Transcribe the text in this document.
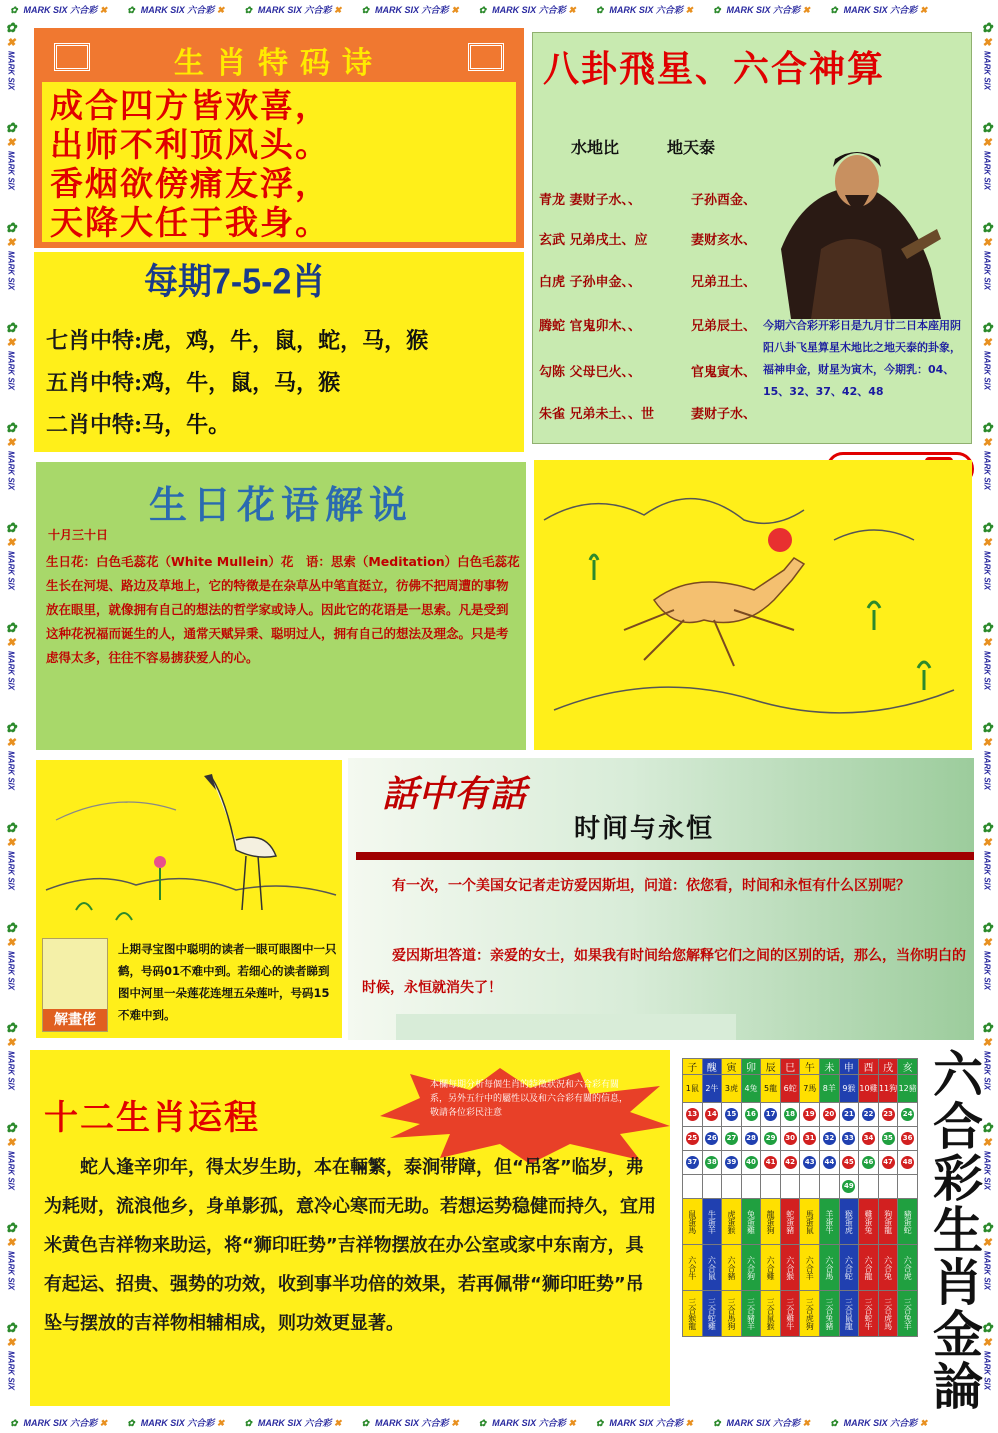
✿ MARK SIX 六合彩 ✖ ✿ MARK SIX 六合彩 ✖ ✿ MARK SIX 六合彩 ✖ ✿ MARK SIX 六合彩 ✖ ✿ MARK SIX 六合彩 ✖ ✿ MARK SIX 六合彩 ✖ ✿ MARK SIX 六合彩 ✖ ✿ MARK SIX 六合彩 ✖
✿ MARK SIX 六合彩 ✖ ✿ MARK SIX 六合彩 ✖ ✿ MARK SIX 六合彩 ✖ ✿ MARK SIX 六合彩 ✖ ✿ MARK SIX 六合彩 ✖ ✿ MARK SIX 六合彩 ✖ ✿ MARK SIX 六合彩 ✖ ✿ MARK SIX 六合彩 ✖
✿
✖
MARK SIX
✿
✖
MARK SIX
✿
✖
MARK SIX
✿
✖
MARK SIX
✿
✖
MARK SIX
✿
✖
MARK SIX
✿
✖
MARK SIX
✿
✖
MARK SIX
✿
✖
MARK SIX
✿
✖
MARK SIX
✿
✖
MARK SIX
✿
✖
MARK SIX
✿
✖
MARK SIX
✿
✖
MARK SIX
✿
✖
MARK SIX
✿
✖
MARK SIX
✿
✖
MARK SIX
✿
✖
MARK SIX
✿
✖
MARK SIX
✿
✖
MARK SIX
✿
✖
MARK SIX
✿
✖
MARK SIX
✿
✖
MARK SIX
✿
✖
MARK SIX
✿
✖
MARK SIX
✿
✖
MARK SIX
✿
✖
MARK SIX
✿
✖
MARK SIX
生肖特码诗
成合四方皆欢喜，
出师不利顶风头。
香烟欲傍痛友浮，
天降大任于我身。
每期7-5-2肖
七肖中特:虎，鸡，牛，鼠，蛇，马，猴
五肖中特:鸡，牛，鼠，马，猴
二肖中特:马，牛。
八卦飛星、六合神算
水地比	地天泰
青龙 妻财子水、、	子孙酉金、
玄武 兄弟戌土、应	妻财亥水、
白虎 子孙申金、、	兄弟丑土、
腾蛇 官鬼卯木、、	兄弟辰土、
勾陈 父母巳火、、	官鬼寅木、
朱雀 兄弟未土、、世	妻财子水、
今期六合彩开彩日是九月廿二日本座用阴阳八卦飞星算星木地比之地天泰的卦象，福神申金，财星为寅木，今期乳：04、15、32、37、42、48
生日花语解说
十月三十日
生日花：白色毛蕊花（White Mullein）花　语：思索（Meditation）白色毛蕊花生长在河堤、路边及草地上，它的特徵是在杂草丛中笔直挺立，彷佛不把周遭的事物放在眼里，就像拥有自己的想法的哲学家或诗人。因此它的花语是一思索。凡是受到这种花祝福而诞生的人，通常天赋异秉、聪明过人，拥有自己的想法及理念。只是考虑得太多，往往不容易掳获爱人的心。
解畫佬
上期寻宝图中聪明的读者一眼可眼图中一只鹤，号码01不难中到。若细心的读者睇到图中河里一朵莲花连埋五朵莲叶，号码15不难中到。
話中有話
时间与永恒
有一次，一个美国女记者走访爱因斯坦，问道：依您看，时间和永恒有什么区别呢？
爱因斯坦答道：亲爱的女士，如果我有时间给您解释它们之间的区别的话，那么，当你明白的时候，永恒就消失了！
本欄每期分析每個生肖的特徵狀況和六合彩有關系，另外五行中的屬性以及和六合彩有關的信息，敬請各位彩民注意
十二生肖运程
蛇人逢辛卯年，得太岁生助，本在輛繁，泰涧带障，但“吊客”临岁，弗为耗财，流浪他乡，身单影孤，意冷心寒而无助。若想运势稳健而持久，宜用米黄色吉祥物来助运，将“狮印旺势”吉祥物摆放在办公室或家中东南方，具有起运、招贵、强势的功效，收到事半功倍的效果，若再佩带“狮印旺势”吊坠与摆放的吉祥物相辅相成，则功效更显著。
子	醜	寅	卯	辰	巳	午	未	申	酉	戌	亥
1鼠	2牛	3虎	4兔	5龍	6蛇	7馬	8羊	9猴	10雞	11狗	12豬
13	14	15	16	17	18	19	20	21	22	23	24
25	26	27	28	29	30	31	32	33	34	35	36
37	38	39	40	41	42	43	44	45	46	47	48
								49			
鼠蛋馬	牛蛋羊	虎蛋猴	兔蛋雞	龍蛋狗	蛇蛋豬	馬蛋鼠	羊蛋牛	猴蛋虎	雞蛋兔	狗蛋龍	豬蛋蛇
六合牛	六合鼠	六合豬	六合狗	六合雞	六合猴	六合羊	六合馬	六合蛇	六合龍	六合兔	六合虎
三合猴龍	三合蛇雞	三合馬狗	三合豬羊	三合鼠猴	三合雞牛	三合虎狗	三合兔豬	三合鼠龍	三合蛇牛	三合虎馬	三合兔羊 六合彩生肖金論
